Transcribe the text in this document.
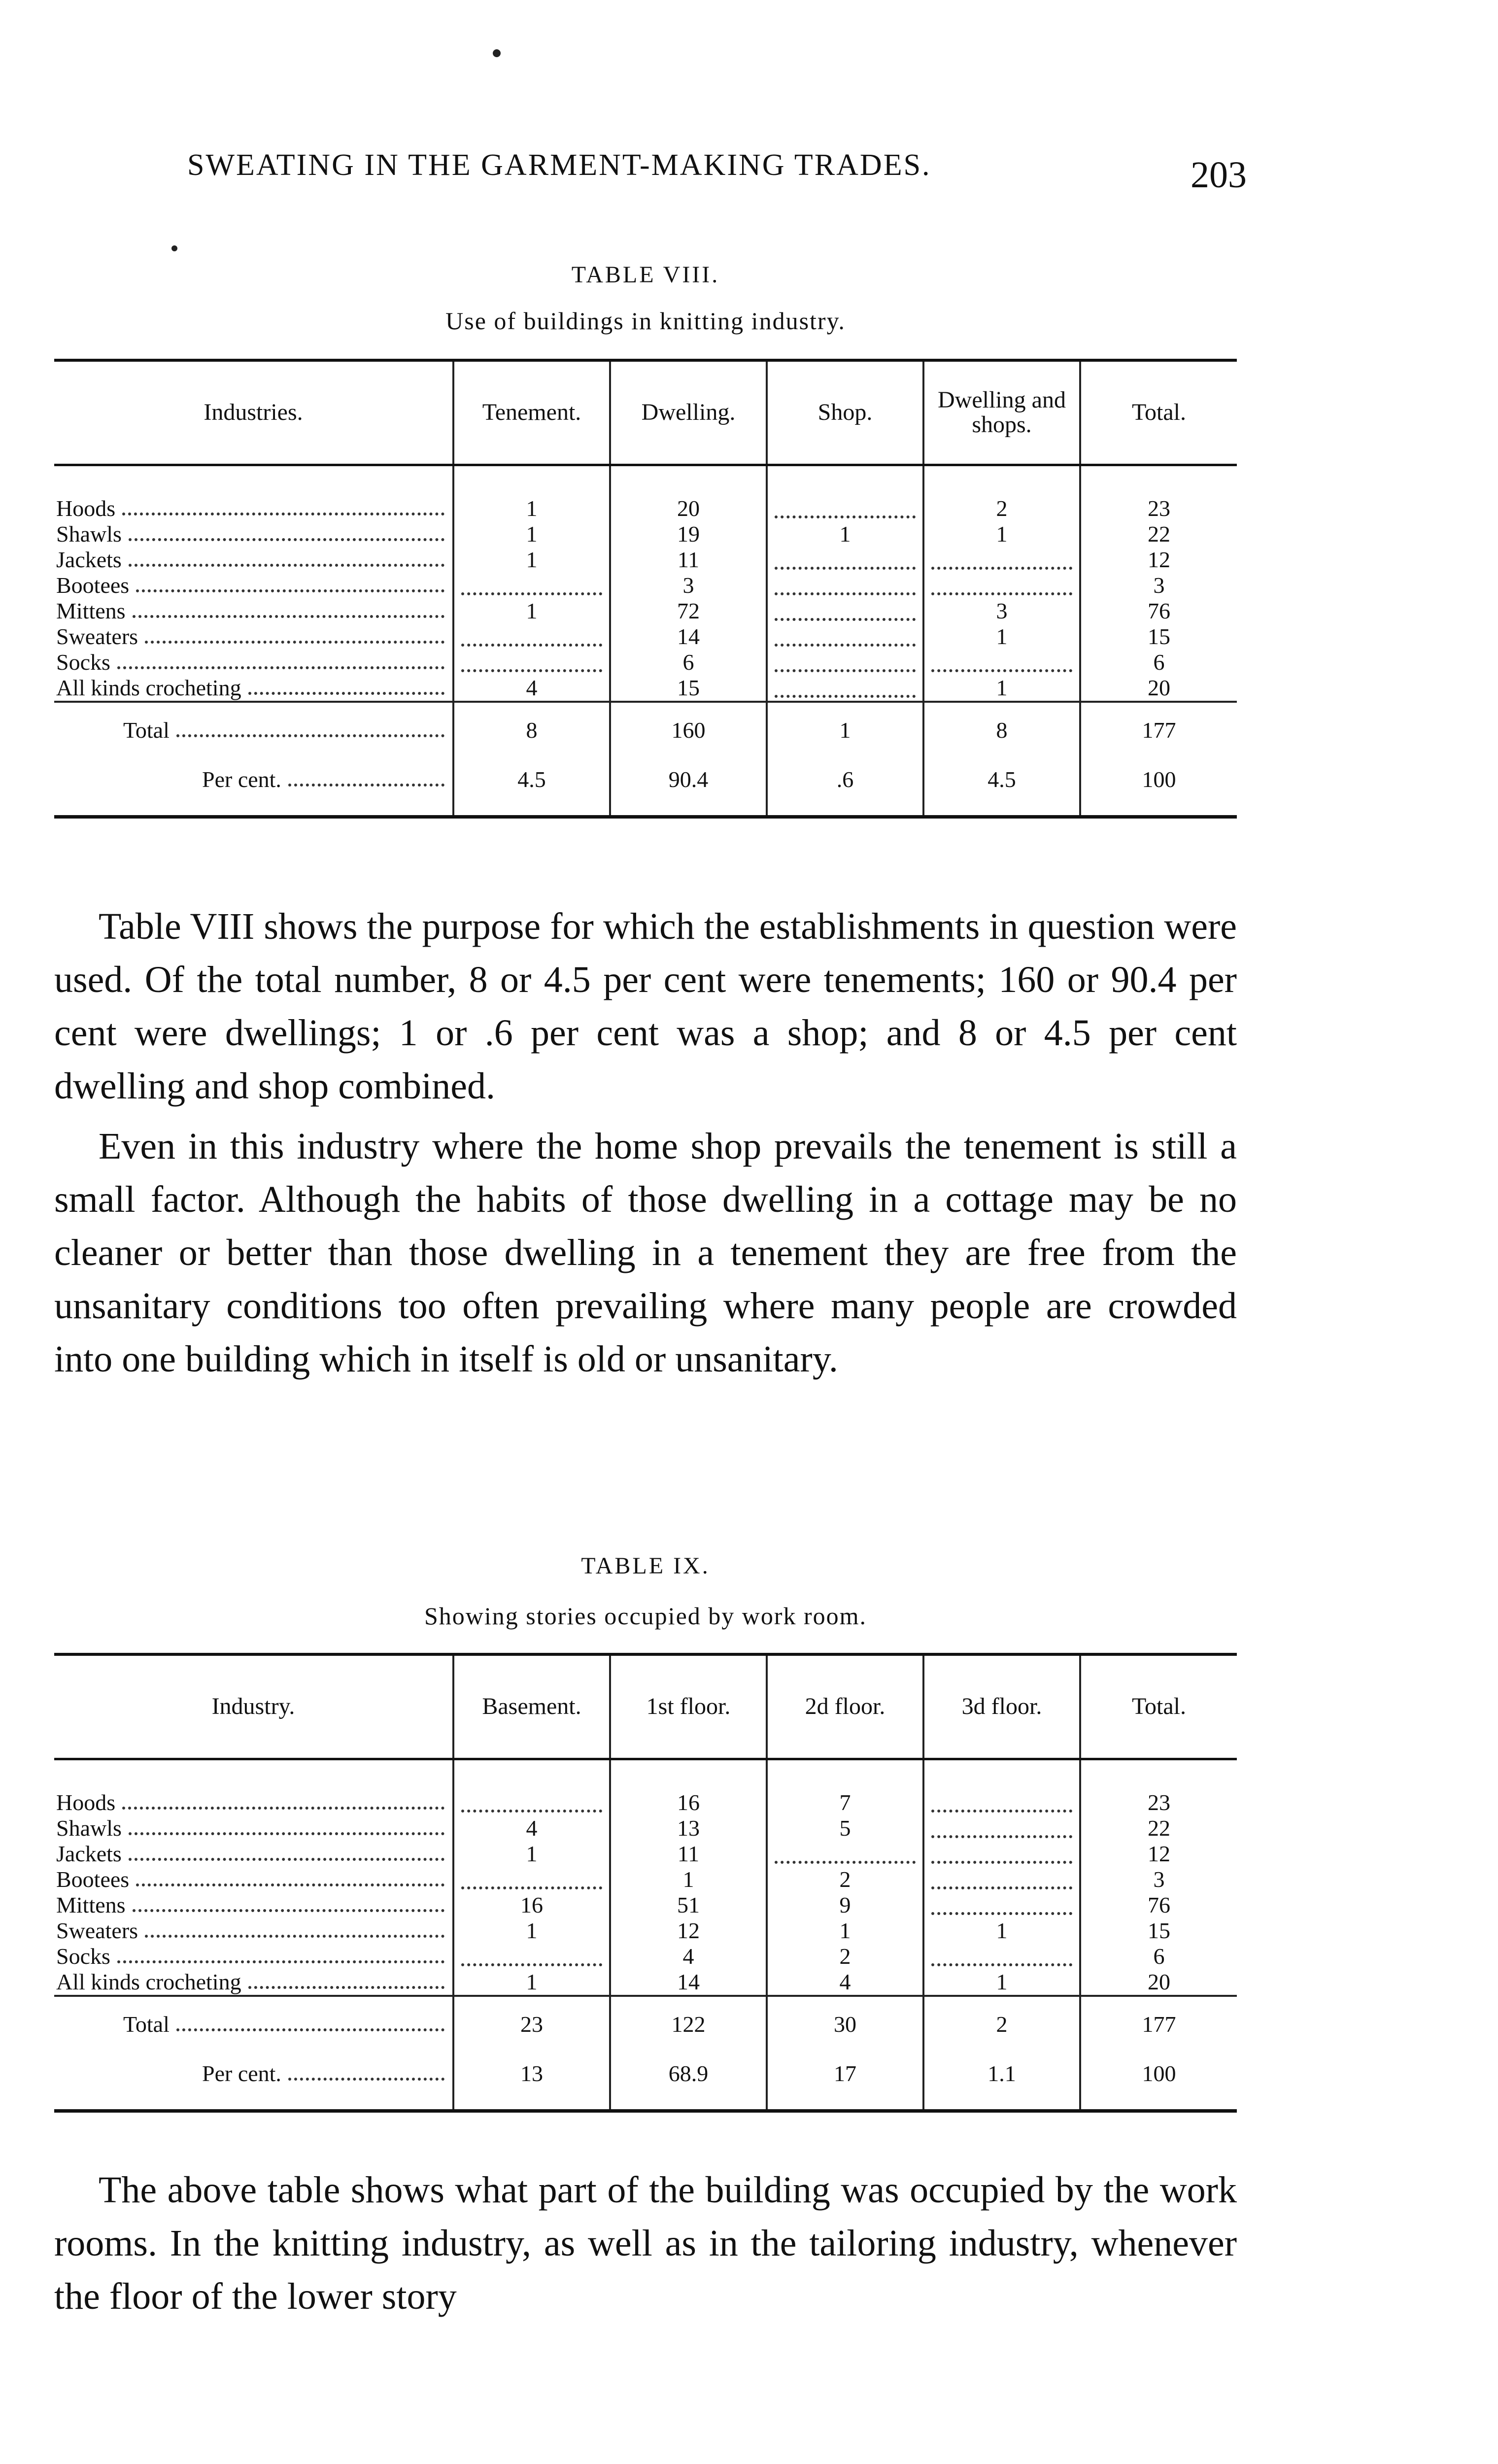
SWEATING IN THE GARMENT-MAKING TRADES.	203
TABLE VIII.
Use of buildings in knitting industry.
Industries.	Tenement.	Dwelling.	Shop.	Dwelling and shops.	Total.

Hoods	1	20		2	23

Shawls	1	19	1	1	22

Jackets	1	11			12

Bootees		3			3

Mittens	1	72		3	76

Sweaters		14		1	15

Socks		6			6

All kinds crocheting	4	15		1	20

Total	8	160	1	8	177

Per cent.	4.5	90.4	.6	4.5	100

Table VIII shows the purpose for which the establishments in question were used. Of the total number, 8 or 4.5 per cent were tenements; 160 or 90.4 per cent were dwellings; 1 or .6 per cent was a shop; and 8 or 4.5 per cent dwelling and shop combined.

Even in this industry where the home shop prevails the tenement is still a small factor. Although the habits of those dwelling in a cottage may be no cleaner or better than those dwelling in a tenement they are free from the unsanitary conditions too often prevailing where many people are crowded into one building which in itself is old or unsanitary.

TABLE IX.
Showing stories occupied by work room.
Industry.	Basement.	1st floor.	2d floor.	3d floor.	Total.

Hoods		16	7		23

Shawls	4	13	5		22

Jackets	1	11			12

Bootees		1	2		3

Mittens	16	51	9		76

Sweaters	1	12	1	1	15

Socks		4	2		6

All kinds crocheting	1	14	4	1	20

Total	23	122	30	2	177

Per cent.	13	68.9	17	1.1	100

The above table shows what part of the building was occupied by the work rooms. In the knitting industry, as well as in the tailoring industry, whenever the floor of the lower story
